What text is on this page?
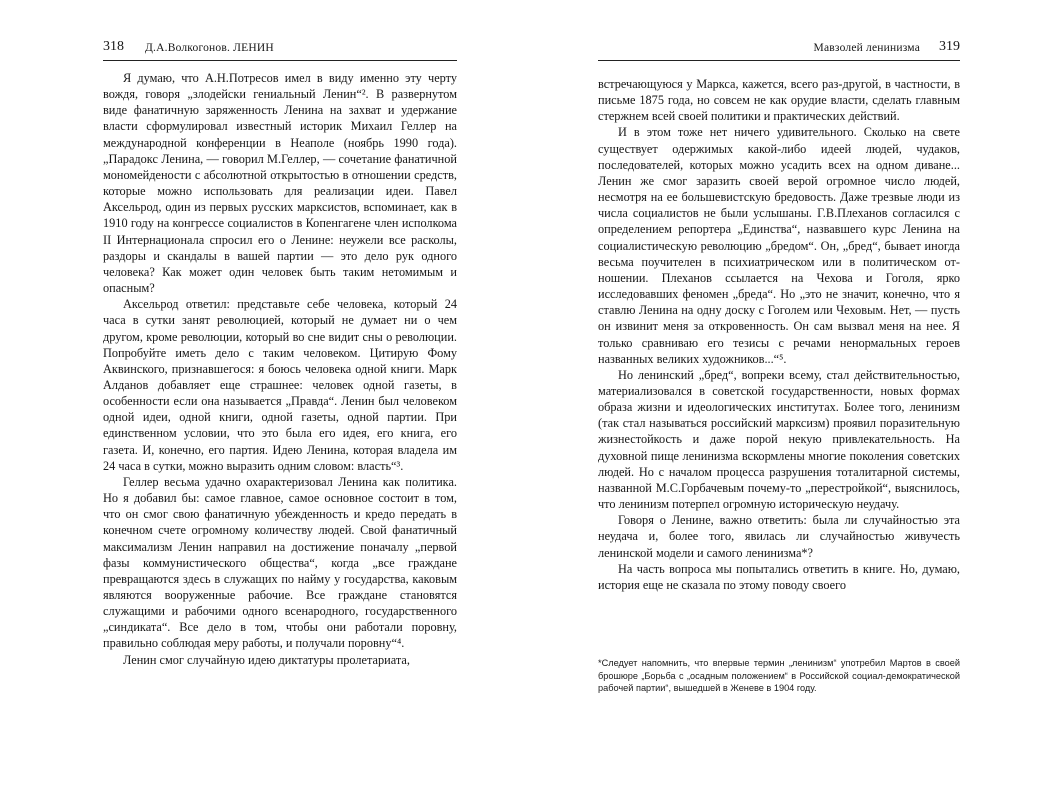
318 Д.А.Волкогонов. ЛЕНИН

Я думаю, что А.Н.Потресов имел в виду именно эту черту вождя, говоря „злодейски гениальный Ленин“². В развернутом виде фанатичную заряженность Ленина на захват и удержание власти сформулировал известный историк Михаил Геллер на международной конференции в Неаполе (ноябрь 1990 года). „Парадокс Ленина, — говорил М.Геллер, — сочетание фанатичной мономейдености с абсолютной открытостью в отношении средств, которые можно использовать для реализации идеи. Павел Аксельрод, один из первых русских марксистов, вспоминает, как в 1910 году на конгрессе социалистов в Копенгагене член исполкома II Интернационала спросил его о Ленине: неужели все расколы, раздоры и скандалы в вашей партии — это дело рук одного человека? Как может один человек быть таким нетомимым и опасным?

Аксельрод ответил: представьте себе человека, который 24 часа в сутки занят революцией, который не думает ни о чем другом, кроме революции, который во сне видит сны о революции. Попробуйте иметь дело с таким человеком. Цитирую Фому Аквинского, признавшегося: я боюсь человека одной книги. Марк Алданов добавляет еще страшнее: человек одной газеты, в особенности если она называется „Правда“. Ленин был человеком одной идеи, одной книги, одной газеты, одной партии. При единственном условии, что это была его идея, его книга, его газета. И, конечно, его партия. Идею Ленина, которая владела им 24 часа в сутки, можно выразить одним словом: власть“³.

Геллер весьма удачно охарактеризовал Ленина как политика. Но я добавил бы: самое главное, самое основное состоит в том, что он смог свою фанатичную убежденность и кредо передать в конечном счете огромному количеству людей. Свой фанатичный максимализм Ленин направил на достижение поначалу „первой фазы коммунистического общества“, когда „все граждане превращаются здесь в служащих по найму у государства, каковым являются вооруженные рабочие. Все граждане становятся служащими и рабочими одного всенародного, государственного „синдиката“. Все дело в том, чтобы они работали поровну, правильно соблюдая меру работы, и получали поровну“⁴.

Ленин смог случайную идею диктатуры пролетариата,

Мавзолей ленинизма 319

встречающуюся у Маркса, кажется, всего раз-другой, в частности, в письме 1875 года, но совсем не как орудие власти, сделать главным стержнем всей своей политики и практических действий.

И в этом тоже нет ничего удивительного. Сколько на свете существует одержимых какой-либо идеей людей, чудаков, последователей, которых можно усадить всех на одном диване... Ленин же смог заразить своей верой огромное число людей, несмотря на ее большевистскую бредовость. Даже трезвые люди из числа социалистов не были услышаны. Г.В.Плеханов согласился с определением репортера „Единства“, назвавшего курс Ленина на социалистическую революцию „бредом“. Он, „бред“, бывает иногда весьма поучителен в психиатрическом или в политическом отношении. Плеханов ссылается на Чехова и Гоголя, ярко исследовавших феномен „бреда“. Но „это не значит, конечно, что я ставлю Ленина на одну доску с Гоголем или Чеховым. Нет, — пусть он извинит меня за откровенность. Он сам вызвал меня на нее. Я только сравниваю его тезисы с речами ненормальных героев названных великих художников...“⁵.

Но ленинский „бред“, вопреки всему, стал действительностью, материализовался в советской государственности, новых формах образа жизни и идеологических институтах. Более того, ленинизм (так стал называться российский марксизм) проявил поразительную жизнестойкость и даже порой некую привлекательность. На духовной пище ленинизма вскормлены многие поколения советских людей. Но с началом процесса разрушения тоталитарной системы, названной М.С.Горбачевым почему-то „перестройкой“, выяснилось, что ленинизм потерпел огромную историческую неудачу.

Говоря о Ленине, важно ответить: была ли случайностью эта неудача и, более того, явилась ли случайностью живучесть ленинской модели и самого ленинизма*?

На часть вопроса мы попытались ответить в книге. Но, думаю, история еще не сказала по этому поводу своего

*Следует напомнить, что впервые термин „ленинизм“ употребил Мартов в своей брошюре „Борьба с „осадным положением“ в Российской социал-демократической рабочей партии“, вышедшей в Женеве в 1904 году.
